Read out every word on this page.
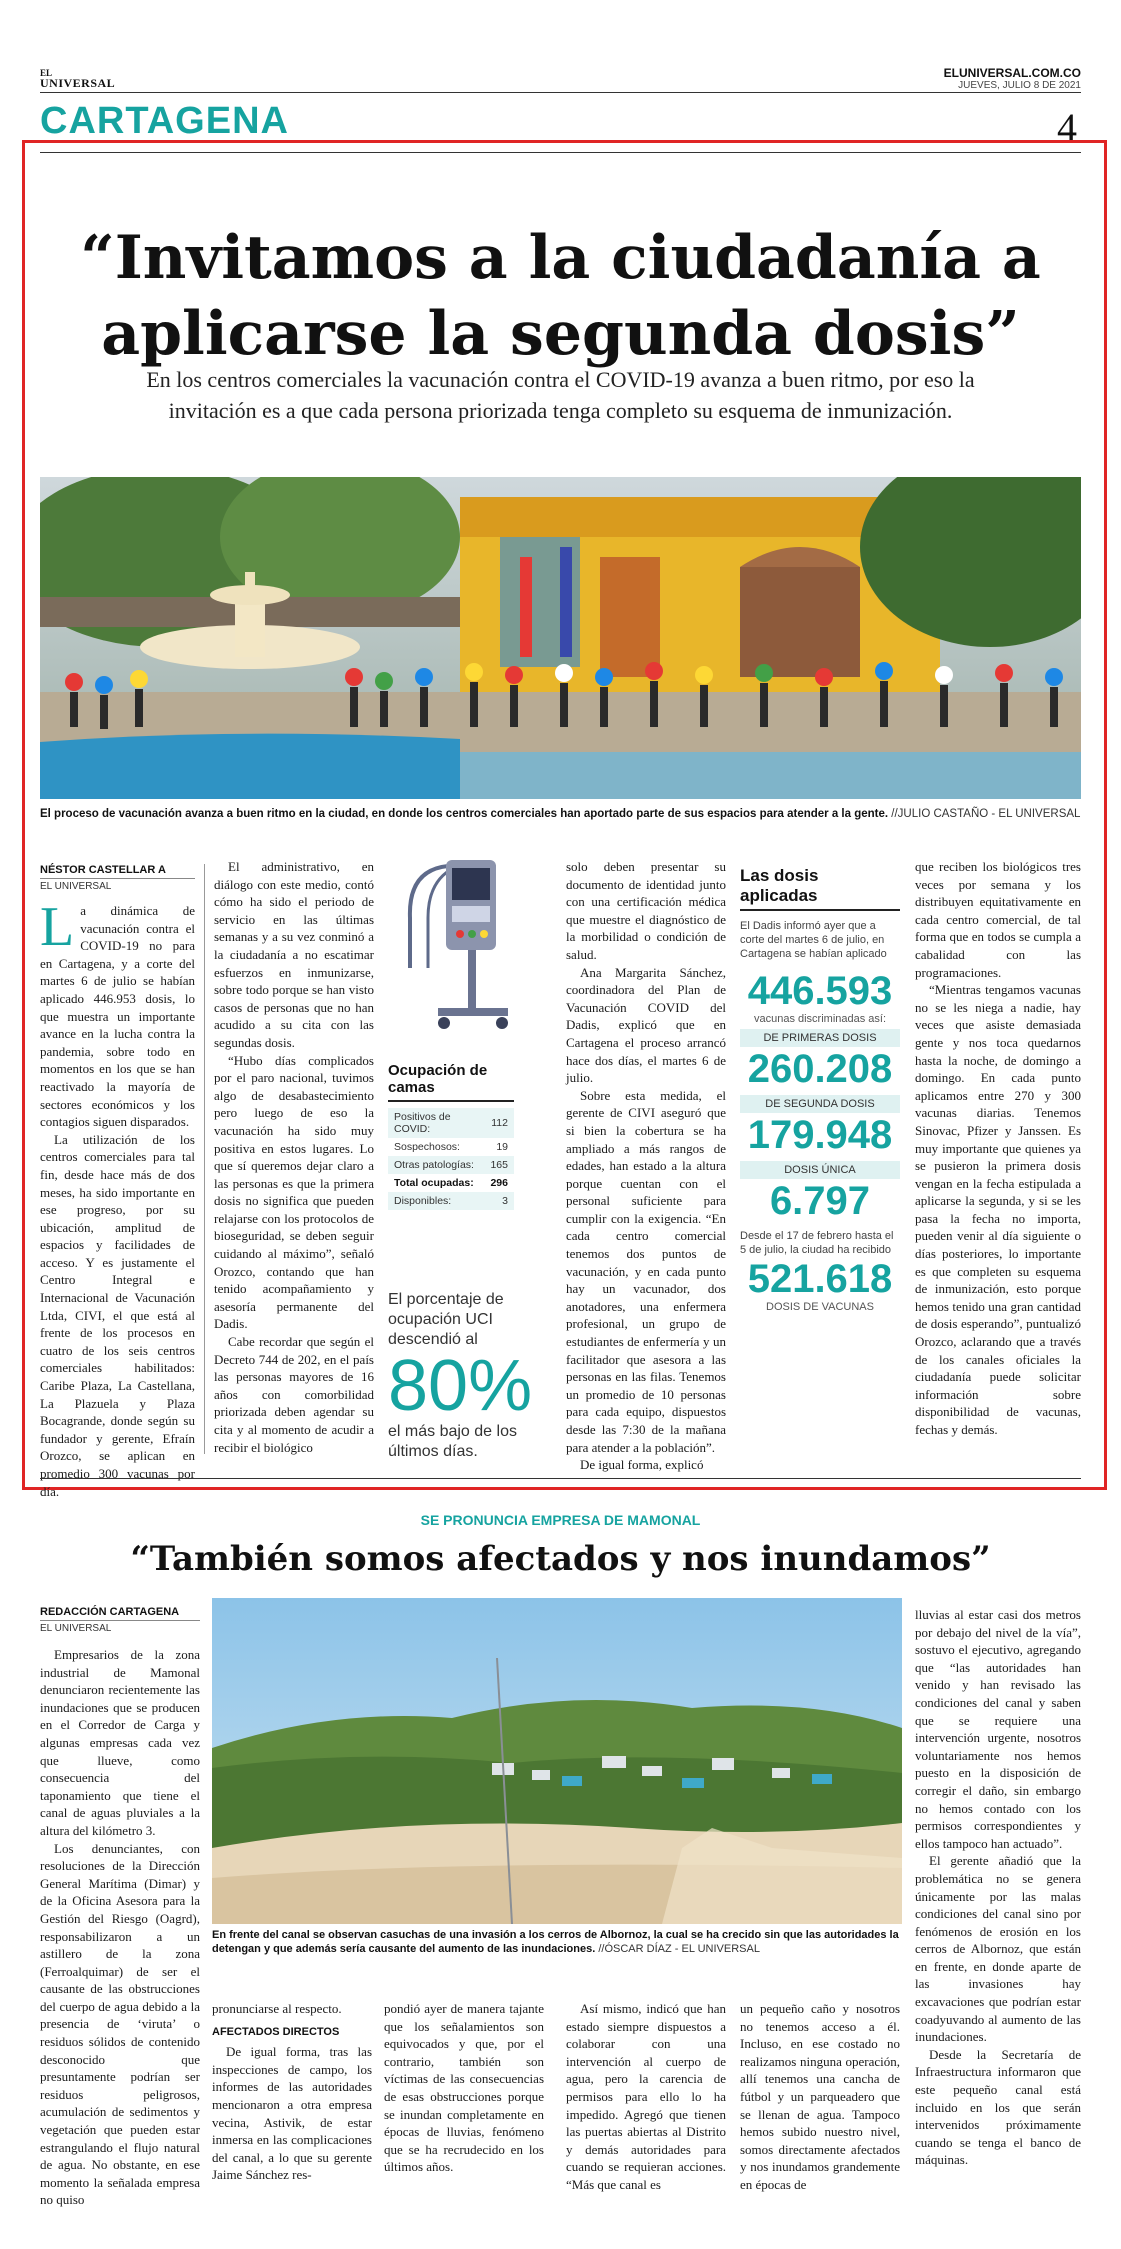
EL
UNIVERSAL
ELUNIVERSAL.COM.CO
JUEVES, JULIO 8 DE 2021
CARTAGENA	4
“Invitamos a la ciudadanía a aplicarse la segunda dosis”
En los centros comerciales la vacunación contra el COVID-19 avanza a buen ritmo, por eso la invitación es a que cada persona priorizada tenga completo su esquema de inmunización.
El proceso de vacunación avanza a buen ritmo en la ciudad, en donde los centros comerciales han aportado parte de sus espacios para atender a la gente. //JULIO CASTAÑO - EL UNIVERSAL
NÉSTOR CASTELLAR A
EL UNIVERSAL

La dinámica de vacunación contra el COVID-19 no para en Cartagena, y a corte del martes 6 de julio se habían aplicado 446.953 dosis, lo que muestra un importante avance en la lucha contra la pandemia, sobre todo en momentos en los que se han reactivado la mayoría de sectores económicos y los contagios siguen disparados.

La utilización de los centros comerciales para tal fin, desde hace más de dos meses, ha sido importante en ese progreso, por su ubicación, amplitud de espacios y facilidades de acceso. Y es justamente el Centro Integral e Internacional de Vacunación Ltda, CIVI, el que está al frente de los procesos en cuatro de los seis centros comerciales habilitados: Caribe Plaza, La Castellana, La Plazuela y Plaza Bocagrande, donde según su fundador y gerente, Efraín Orozco, se aplican en promedio 300 vacunas por día.

El administrativo, en diálogo con este medio, contó cómo ha sido el periodo de servicio en las últimas semanas y a su vez conminó a la ciudadanía a no escatimar esfuerzos en inmunizarse, sobre todo porque se han visto casos de personas que no han acudido a su cita con las segundas dosis.

“Hubo días complicados por el paro nacional, tuvimos algo de desabastecimiento pero luego de eso la vacunación ha sido muy positiva en estos lugares. Lo que sí queremos dejar claro a las personas es que la primera dosis no significa que pueden relajarse con los protocolos de bioseguridad, se deben seguir cuidando al máximo”, señaló Orozco, contando que han tenido acompañamiento y asesoría permanente del Dadis.

Cabe recordar que según el Decreto 744 de 202, en el país las personas mayores de 16 años con comorbilidad priorizada deben agendar su cita y al momento de acudir a recibir el biológico

Ocupación de camas
Positivos de COVID:	112
Sospechosos:	19
Otras patologías:	165
Total ocupadas:	296
Disponibles:	3
El porcentaje de ocupación UCI descendió al
80%
el más bajo de los últimos días.

solo deben presentar su documento de identidad junto con una certificación médica que muestre el diagnóstico de la morbilidad o condición de salud.

Ana Margarita Sánchez, coordinadora del Plan de Vacunación COVID del Dadis, explicó que en Cartagena el proceso arrancó hace dos días, el martes 6 de julio.

Sobre esta medida, el gerente de CIVI aseguró que si bien la cobertura se ha ampliado a más rangos de edades, han estado a la altura porque cuentan con el personal suficiente para cumplir con la exigencia. “En cada centro comercial tenemos dos puntos de vacunación, y en cada punto hay un vacunador, dos anotadores, una enfermera profesional, un grupo de estudiantes de enfermería y un facilitador que asesora a las personas en las filas. Tenemos un promedio de 10 personas para cada equipo, dispuestos desde las 7:30 de la mañana para atender a la población”.

De igual forma, explicó

Las dosis aplicadas
El Dadis informó ayer que a corte del martes 6 de julio, en Cartagena se habían aplicado
446.593
vacunas discriminadas así:
DE PRIMERAS DOSIS
260.208
DE SEGUNDA DOSIS
179.948
DOSIS ÚNICA
6.797
Desde el 17 de febrero hasta el 5 de julio, la ciudad ha recibido
521.618
DOSIS DE VACUNAS

que reciben los biológicos tres veces por semana y los distribuyen equitativamente en cada centro comercial, de tal forma que en todos se cumpla a cabalidad con las programaciones.

“Mientras tengamos vacunas no se les niega a nadie, hay veces que asiste demasiada gente y nos toca quedarnos hasta la noche, de domingo a domingo. En cada punto aplicamos entre 270 y 300 vacunas diarias. Tenemos Sinovac, Pfizer y Janssen. Es muy importante que quienes ya se pusieron la primera dosis vengan en la fecha estipulada a aplicarse la segunda, y si se les pasa la fecha no importa, pueden venir al día siguiente o días posteriores, lo importante es que completen su esquema de inmunización, esto porque hemos tenido una gran cantidad de dosis esperando”, puntualizó Orozco, aclarando que a través de los canales oficiales la ciudadanía puede solicitar información sobre disponibilidad de vacunas, fechas y demás.

SE PRONUNCIA EMPRESA DE MAMONAL
“También somos afectados y nos inundamos”
REDACCIÓN CARTAGENA
EL UNIVERSAL

Empresarios de la zona industrial de Mamonal denunciaron recientemente las inundaciones que se producen en el Corredor de Carga y algunas empresas cada vez que llueve, como consecuencia del taponamiento que tiene el canal de aguas pluviales a la altura del kilómetro 3.

Los denunciantes, con resoluciones de la Dirección General Marítima (Dimar) y de la Oficina Asesora para la Gestión del Riesgo (Oagrd), responsabilizaron a un astillero de la zona (Ferroalquimar) de ser el causante de las obstrucciones del cuerpo de agua debido a la presencia de ‘viruta’ o residuos sólidos de contenido desconocido que presuntamente podrían ser residuos peligrosos, acumulación de sedimentos y vegetación que pueden estar estrangulando el flujo natural de agua. No obstante, en ese momento la señalada empresa no quiso

En frente del canal se observan casuchas de una invasión a los cerros de Albornoz, la cual se ha crecido sin que las autoridades la detengan y que además sería causante del aumento de las inundaciones. //ÓSCAR DÍAZ - EL UNIVERSAL

pronunciarse al respecto.

AFECTADOS DIRECTOS

De igual forma, tras las inspecciones de campo, los informes de las autoridades mencionaron a otra empresa vecina, Astivik, de estar inmersa en las complicaciones del canal, a lo que su gerente Jaime Sánchez res-

pondió ayer de manera tajante que los señalamientos son equivocados y que, por el contrario, también son víctimas de las consecuencias de esas obstrucciones porque se inundan completamente en épocas de lluvias, fenómeno que se ha recrudecido en los últimos años.

Así mismo, indicó que han estado siempre dispuestos a colaborar con una intervención al cuerpo de agua, pero la carencia de permisos para ello lo ha impedido. Agregó que tienen las puertas abiertas al Distrito y demás autoridades para cuando se requieran acciones. “Más que canal es

un pequeño caño y nosotros no tenemos acceso a él. Incluso, en ese costado no realizamos ninguna operación, allí tenemos una cancha de fútbol y un parqueadero que se llenan de agua. Tampoco hemos subido nuestro nivel, somos directamente afectados y nos inundamos grandemente en épocas de

lluvias al estar casi dos metros por debajo del nivel de la vía”, sostuvo el ejecutivo, agregando que “las autoridades han venido y han revisado las condiciones del canal y saben que se requiere una intervención urgente, nosotros voluntariamente nos hemos puesto en la disposición de corregir el daño, sin embargo no hemos contado con los permisos correspondientes y ellos tampoco han actuado”.

El gerente añadió que la problemática no se genera únicamente por las malas condiciones del canal sino por fenómenos de erosión en los cerros de Albornoz, que están en frente, en donde aparte de las invasiones hay excavaciones que podrían estar coadyuvando al aumento de las inundaciones.

Desde la Secretaría de Infraestructura informaron que este pequeño canal está incluido en los que serán intervenidos próximamente cuando se tenga el banco de máquinas.
